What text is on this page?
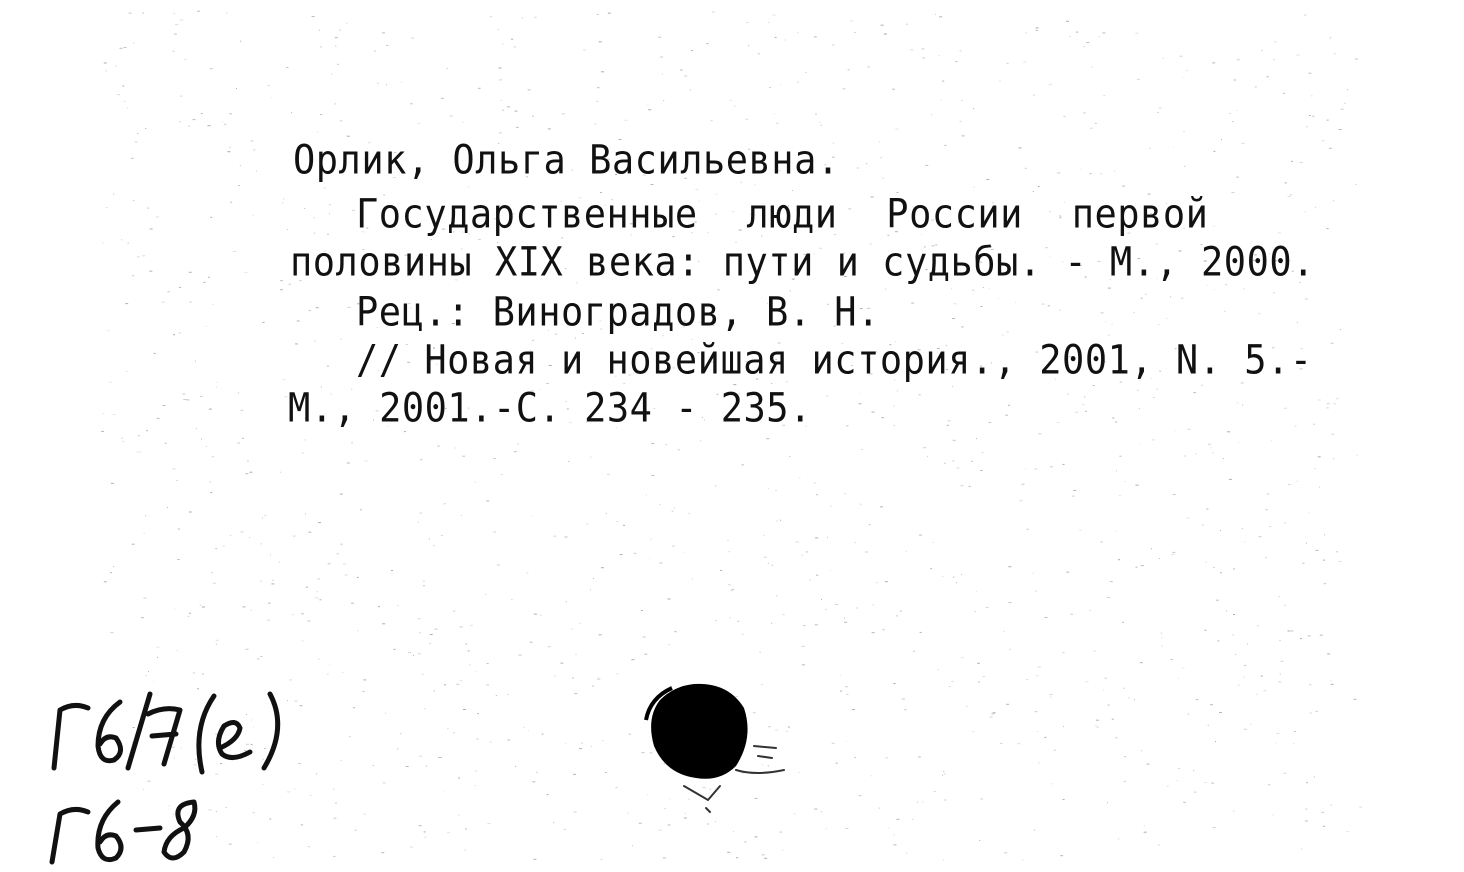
Орлик, Ольга Васильевна.
Государственные люди России первой
половины XIX века: пути и судьбы. - М., 2000.
Рец.: Виноградов, В. Н.
// Новая и новейшая история., 2001, N. 5.-
М., 2001.-С. 234 - 235.
